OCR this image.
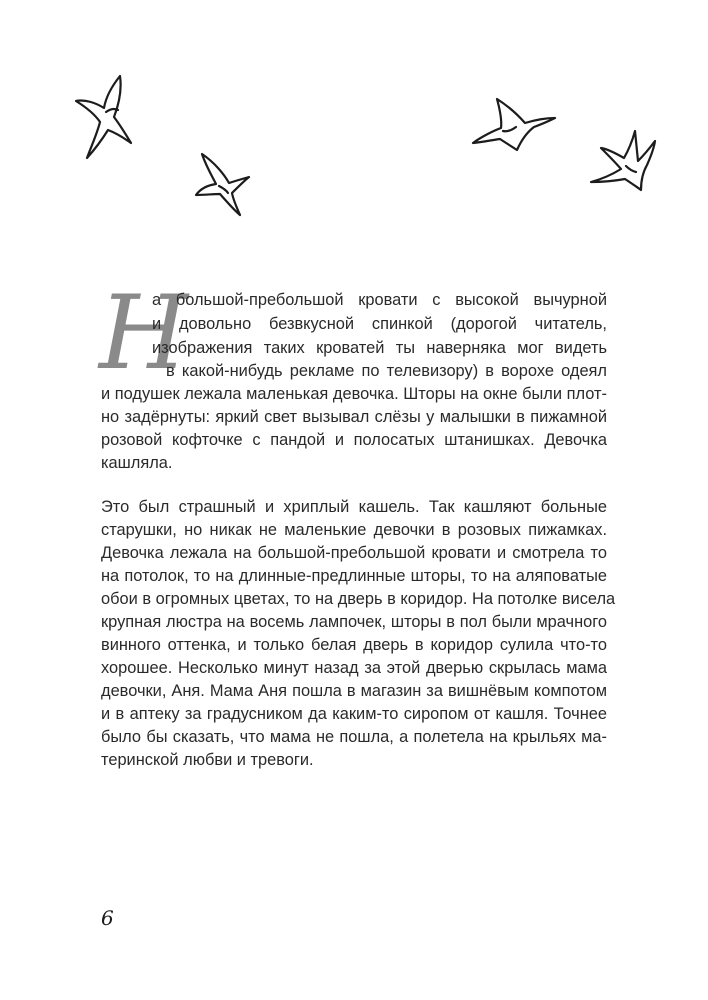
Н
а большой-пребольшой кровати с высокой вычурной
и довольно безвкусной спинкой (дорогой читатель,
изображения таких кроватей ты наверняка мог видеть
в какой-нибудь рекламе по телевизору) в ворохе одеял
и подушек лежала маленькая девочка. Шторы на окне были плот-
но задёрнуты: яркий свет вызывал слёзы у малышки в пижамной
розовой кофточке с пандой и полосатых штанишках. Девочка
кашляла.
Это был страшный и хриплый кашель. Так кашляют больные
старушки, но никак не маленькие девочки в розовых пижамках.
Девочка лежала на большой-пребольшой кровати и смотрела то
на потолок, то на длинные-предлинные шторы, то на аляповатые
обои в огромных цветах, то на дверь в коридор. На потолке висела
крупная люстра на восемь лампочек, шторы в пол были мрачного
винного оттенка, и только белая дверь в коридор сулила что-то
хорошее. Несколько минут назад за этой дверью скрылась мама
девочки, Аня. Мама Аня пошла в магазин за вишнёвым компотом
и в аптеку за градусником да каким-то сиропом от кашля. Точнее
было бы сказать, что мама не пошла, а полетела на крыльях ма-
теринской любви и тревоги.
6
